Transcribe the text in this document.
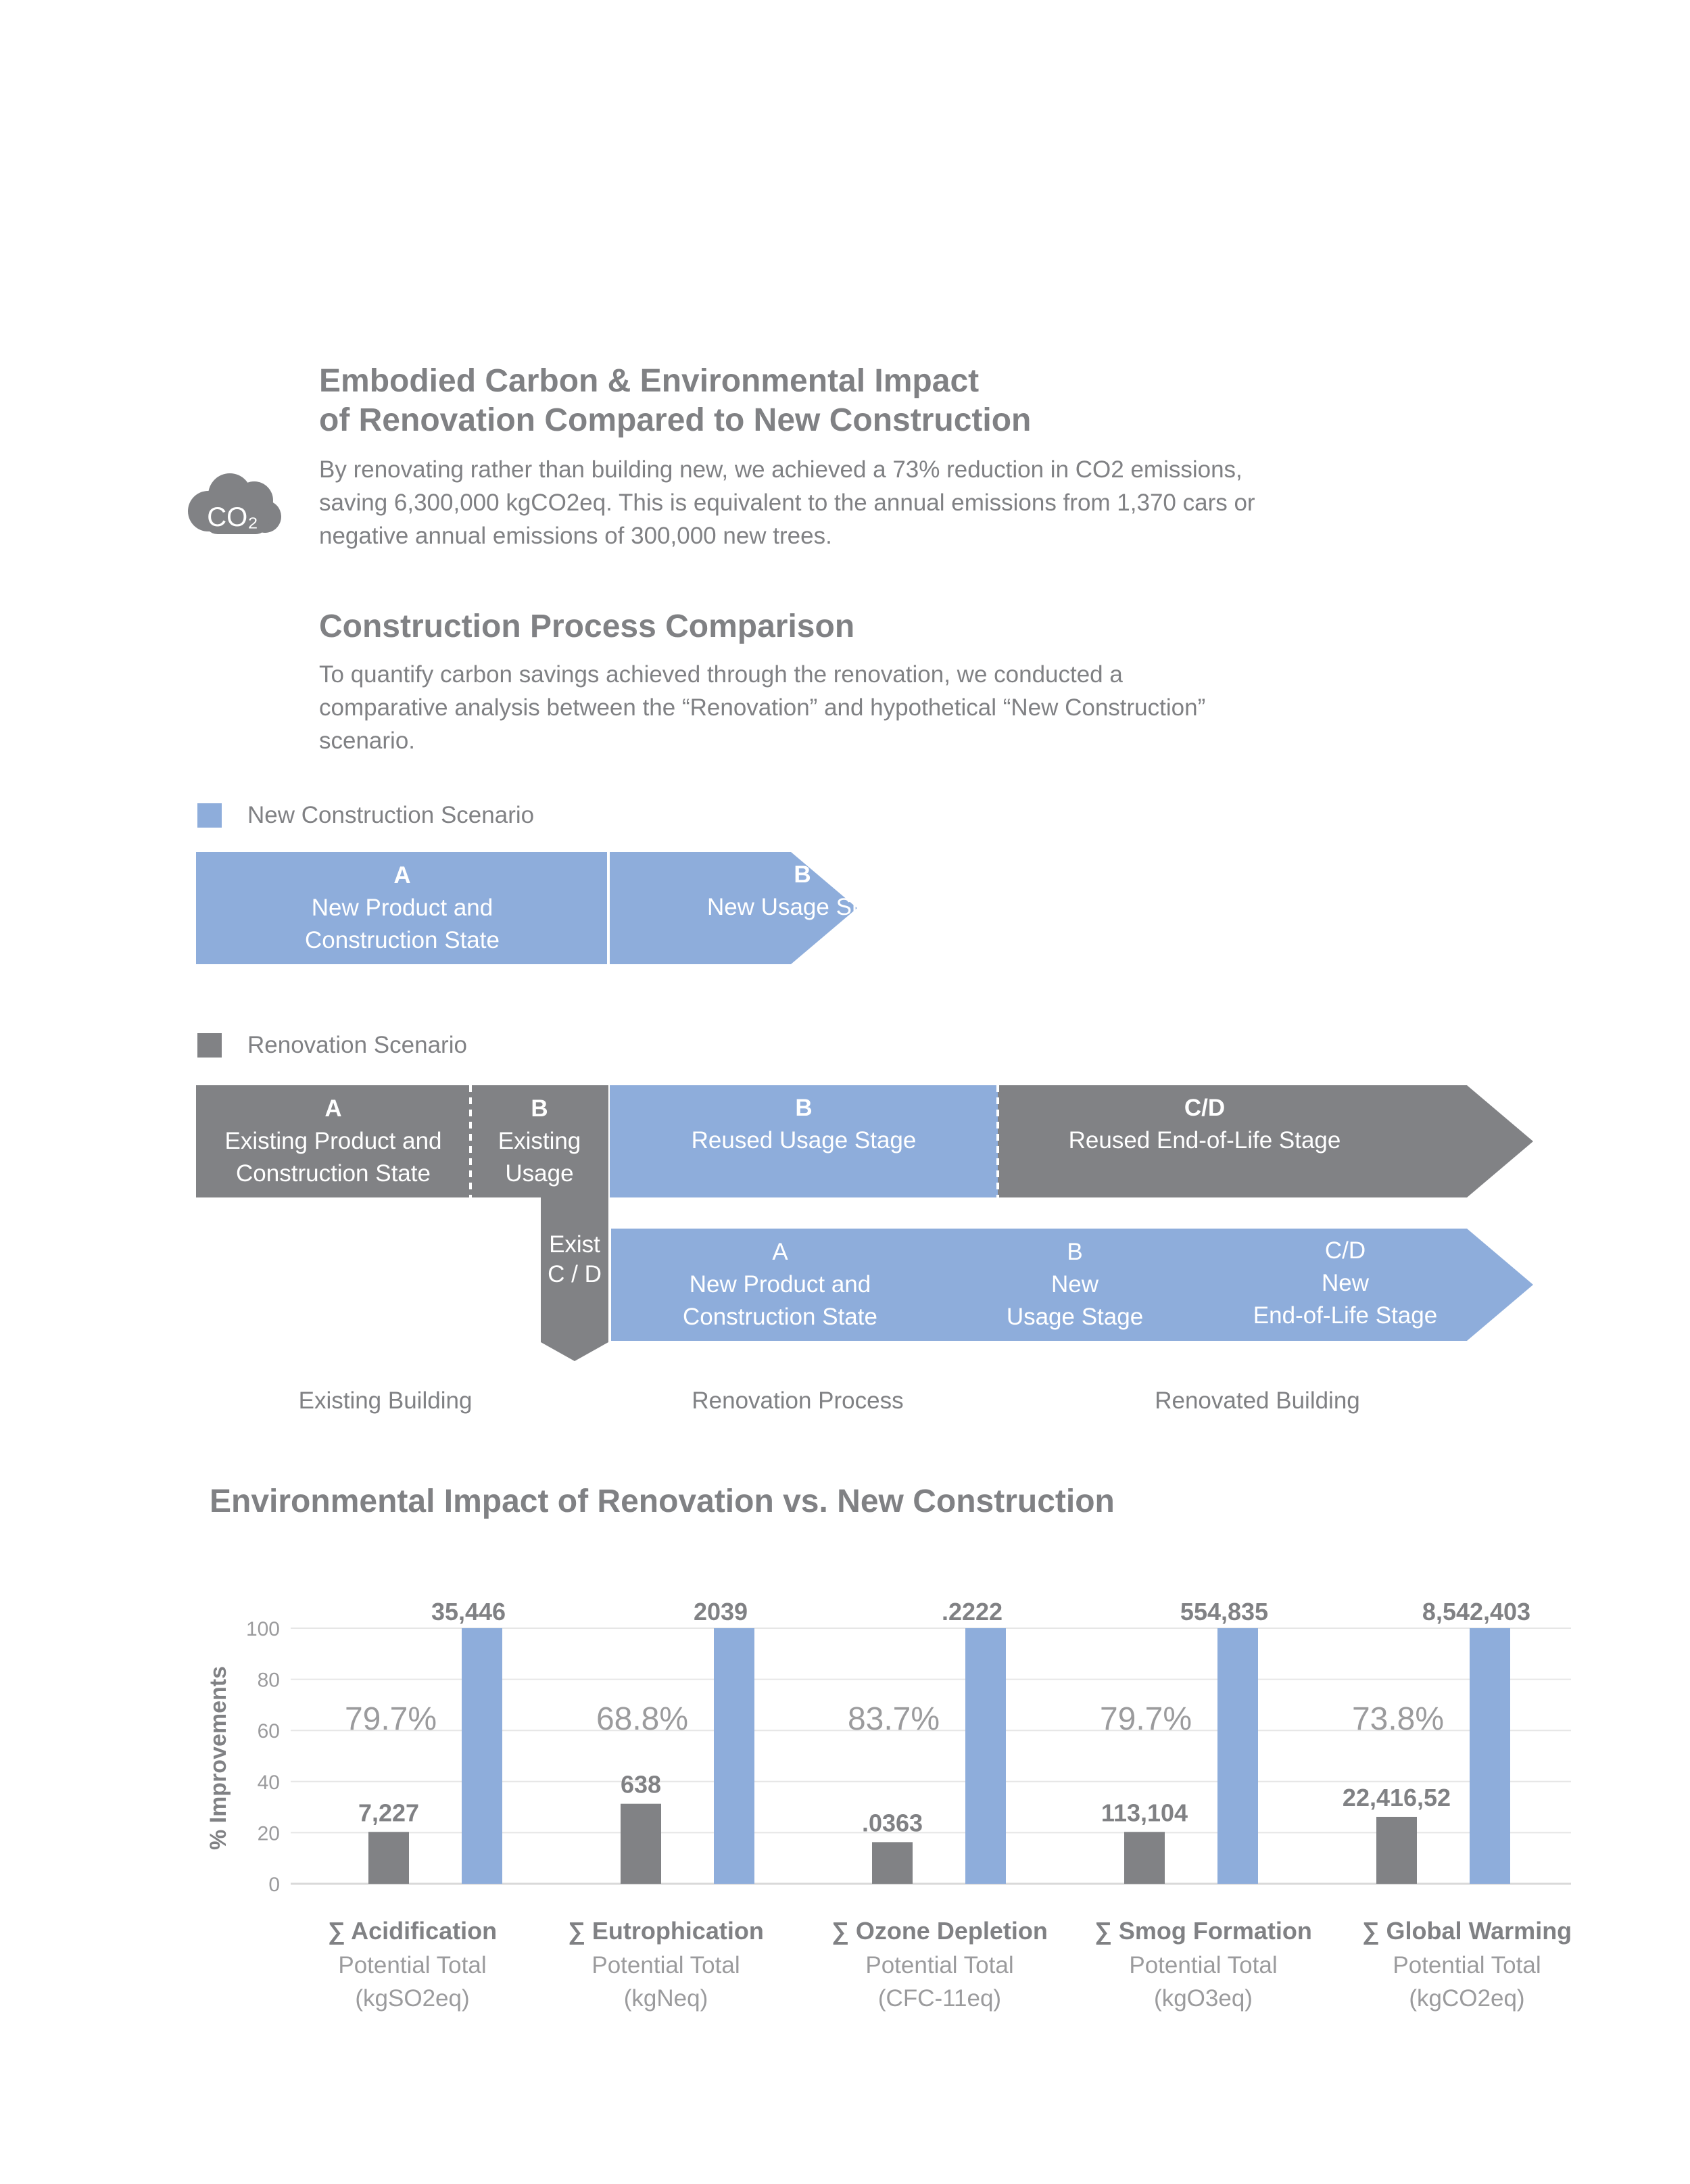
CO₂
Embodied Carbon & Environmental Impact
of Renovation Compared to New Construction
By renovating rather than building new, we achieved a 73% reduction in CO2 emissions,
saving 6,300,000 kgCO2eq. This is equivalent to the annual emissions from 1,370 cars or
negative annual emissions of 300,000 new trees.
Construction Process Comparison
To quantify carbon savings achieved through the renovation, we conducted a
comparative analysis between the “Renovation” and hypothetical “New Construction”
scenario.
New Construction Scenario
A
New Product and
Construction State
B
New Usage Stage
C/D
New End-of-Life Stage
Renovation Scenario
A
Existing Product and
Construction State
B
Existing
Usage
B
Reused Usage Stage
C/D
Reused End-of-Life Stage
Exist
C / D
A
New Product and
Construction State
B
New
Usage Stage
C/D
New
End-of-Life Stage
Existing Building	Renovation Process	Renovated Building
Environmental Impact of Renovation vs. New Construction
0
20
40
60
80
100
% Improvements	7,227
35,446
79.7%
∑ Acidification
Potential Total
(kgSO2eq)
638
2039
68.8%
∑ Eutrophication
Potential Total
(kgNeq)
.0363
.2222
83.7%
∑ Ozone Depletion
Potential Total
(CFC-11eq)
113,104
554,835
79.7%
∑ Smog Formation
Potential Total
(kgO3eq)
22,416,52
8,542,403
73.8%
∑ Global Warming
Potential Total
(kgCO2eq)
